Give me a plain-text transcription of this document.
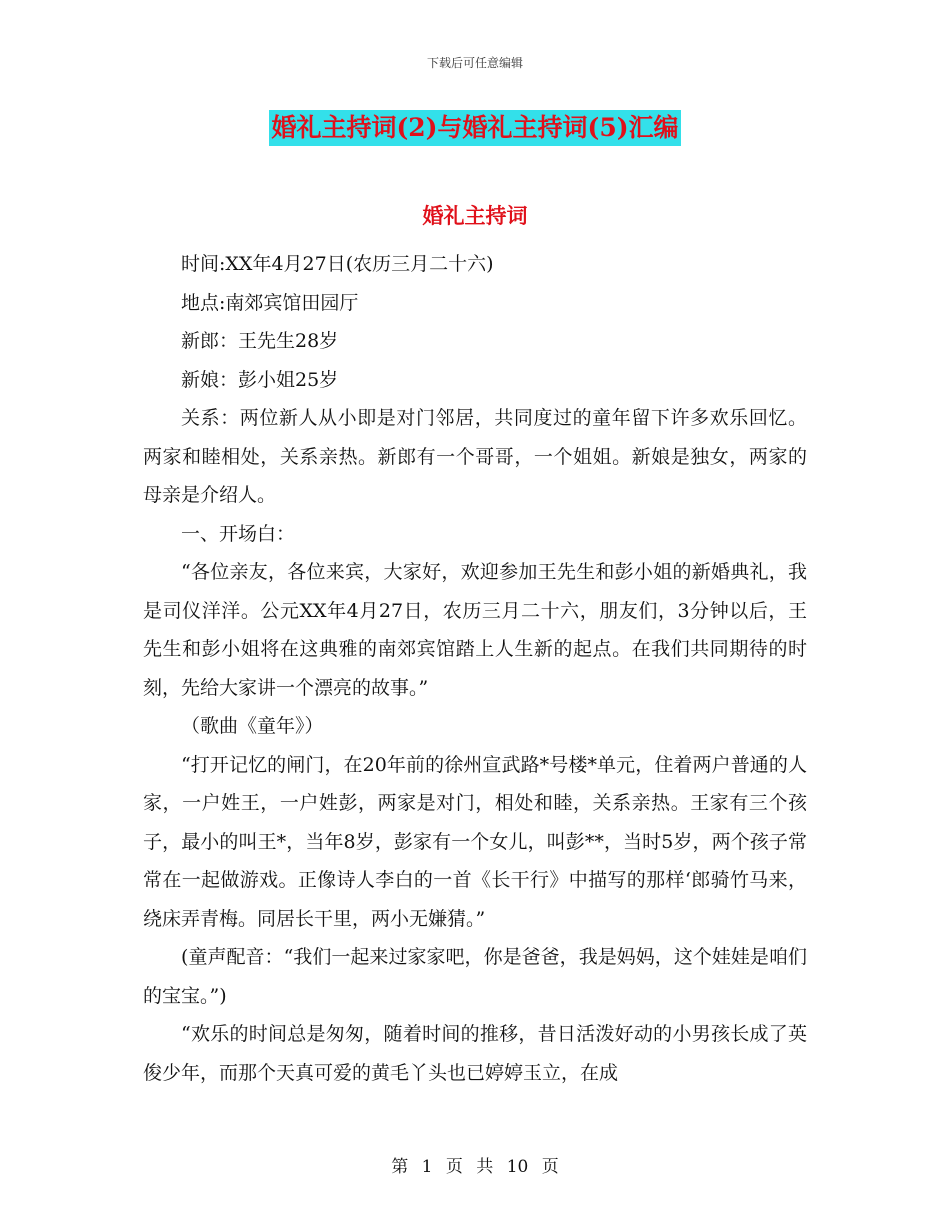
下载后可任意编辑
婚礼主持词(2)与婚礼主持词(5)汇编
婚礼主持词

时间:XX年4月27日(农历三月二十六)

地点:南郊宾馆田园厅

新郎：王先生28岁

新娘：彭小姐25岁

关系：两位新人从小即是对门邻居，共同度过的童年留下许多欢乐回忆。两家和睦相处，关系亲热。新郎有一个哥哥，一个姐姐。新娘是独女，两家的母亲是介绍人。

一、开场白：

“各位亲友，各位来宾，大家好，欢迎参加王先生和彭小姐的新婚典礼，我是司仪洋洋。公元XX年4月27日，农历三月二十六，朋友们，3分钟以后，王先生和彭小姐将在这典雅的南郊宾馆踏上人生新的起点。在我们共同期待的时刻，先给大家讲一个漂亮的故事。”

（歌曲《童年》）

“打开记忆的闸门，在20年前的徐州宣武路*号楼*单元，住着两户普通的人家，一户姓王，一户姓彭，两家是对门，相处和睦，关系亲热。王家有三个孩子，最小的叫王*，当年8岁，彭家有一个女儿，叫彭**，当时5岁，两个孩子常常在一起做游戏。正像诗人李白的一首《长干行》中描写的那样‘郎骑竹马来，绕床弄青梅。同居长干里，两小无嫌猜。”

(童声配音：“我们一起来过家家吧，你是爸爸，我是妈妈，这个娃娃是咱们的宝宝。”)

“欢乐的时间总是匆匆，随着时间的推移，昔日活泼好动的小男孩长成了英俊少年，而那个天真可爱的黄毛丫头也已婷婷玉立，在成

第 1 页 共 10 页
